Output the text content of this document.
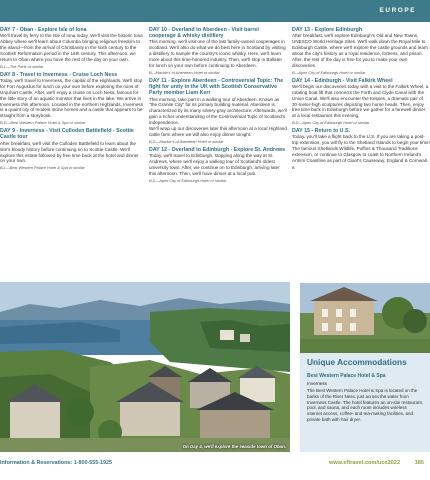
EUROPE
DAY 7 - Oban - Explore Isle of Iona
We'll travel by ferry to the Isle of Iona today. We'll visit the historic Iona Abbey where we'll learn about Columba bringing religious freedom to the island—from the arrival of Christianity in the sixth century to the Scottish Reformation period in the 16th century. This afternoon, we return to Oban where you have the rest of the day on your own.
B,L—The Perle or similar
DAY 8 - Travel to Inverness - Cruise Loch Ness
Today, we'll travel to Inverness, the capital of the Highlands. We'll stop for Fort Augustus for lunch on your own before exploring the ruins of Urquhart Castle. After, we'll enjoy a cruise on Loch Ness, famous for the little story of an aquatic monster that lives in the lake. We arrive in Inverness this afternoon. Located in the northern Highlands, Inverness is a quaint city of modest stone homes and a castle that appears to be straight from a storybook.
B,D—Best Western Palace Hotel & Spa or similar
DAY 9 - Inverness - Visit Culloden Battlefield - Scottie Castle tour
After breakfast, we'll visit the Culloden Battlefield to learn about the site's bloody history before continuing on to Scottie Castle. We'll explore this estate followed by free time back at the hotel and dinner on your own.
B,L—Best Western Palace Hotel & Spa or similar
DAY 10 - Overland to Aberdeen - Visit barrel cooperage & whisky distillery
This morning, we'll visit one of the last family-owned cooperages in Scotland. We'll also do what we do best here in Scotland by visiting a distillery to sample the country's iconic whisky. Here, we'll learn more about this time-honored industry. Then, we'll stop in Ballater for lunch on your own before continuing to Aberdeen.
B—Mackie's of Aberdeen Hotel or similar
DAY 11 - Explore Aberdeen - Controversial Topic: The fight for unity in the UK with Scottish Conservative Party member Liam Kerr
This morning, take part in a walking tour of Aberdeen. Known as "the Granite City" for its primary building material, Aberdeen is characterized by its many silvery-gray architecture. Afterwards, we'll gain a richer understanding of the Controversial Topic of Scotland's independence.
We'll wrap up our discoveries later this afternoon at a local Highland cattle farm where we will also enjoy dinner tonight.
B,D—Mackie's of Aberdeen Hotel or similar
DAY 12 - Overland to Edinburgh - Explore St. Andrews
Today, we'll travel to Edinburgh, stopping along the way at St. Andrews, where we'll enjoy a walking tour of Scotland's oldest university town. After, we continue on to Edinburgh, arriving later this afternoon. Then, we'll have dinner at a local pub.
B,D—Apex City of Edinburgh Hotel or similar
DAY 13 - Explore Edinburgh
After breakfast, we'll explore Edinburgh's Old and New Towns, UNESCO World Heritage Sites. We'll walk down the Royal Mile to Edinburgh Castle, where we'll explore the castle grounds and learn about the city's history as a royal residence, fortress, and prison.
After, the rest of the day is free for you to make your own discoveries.
B—Apex City of Edinburgh Hotel or similar
DAY 14 - Edinburgh - Visit Falkirk Wheel
We'll begin our discoveries today with a visit to the Falkirk Wheel, a rotating boat lift that connects the Forth and Clyde Canal with the Union Canal. We'll also encounter the Kelpies, a dramatic pair of 30-meter-high sculptures depicting two horse heads. Then, enjoy free time back in Edinburgh before we gather for a farewell dinner at a local restaurant this evening.
B,D—Apex City of Edinburgh Hotel or similar
DAY 15 - Return to U.S.
Today, you'll take a flight back to the U.S. If you are taking a post-trip extension, you will fly to the Shetland Islands to begin your time! The famous Shetlands Wildlife, Puffins & Thousand Traditions extension, or continue to Glasgow to coast to Northern Ireland's Antrim Coastline as part of Giant's Causeway, England & Cornwall.
B
On Day 4, we'll explore the seaside town of Oban.
Unique Accommodations
Best Western Palace Hotel & Spa
Inverness
The Best Western Palace Hotel & Spa is located on the banks of the River Ness, just across the water from Inverness Castle. The hotel features an on-site restaurant, pool, and sauna, and each room includes wireless internet access, coffee- and tea-making facilities, and private bath with hair dryer.
Information & Reservations: 1-800-555-1925	www.eftravel.com/uce2022	185
